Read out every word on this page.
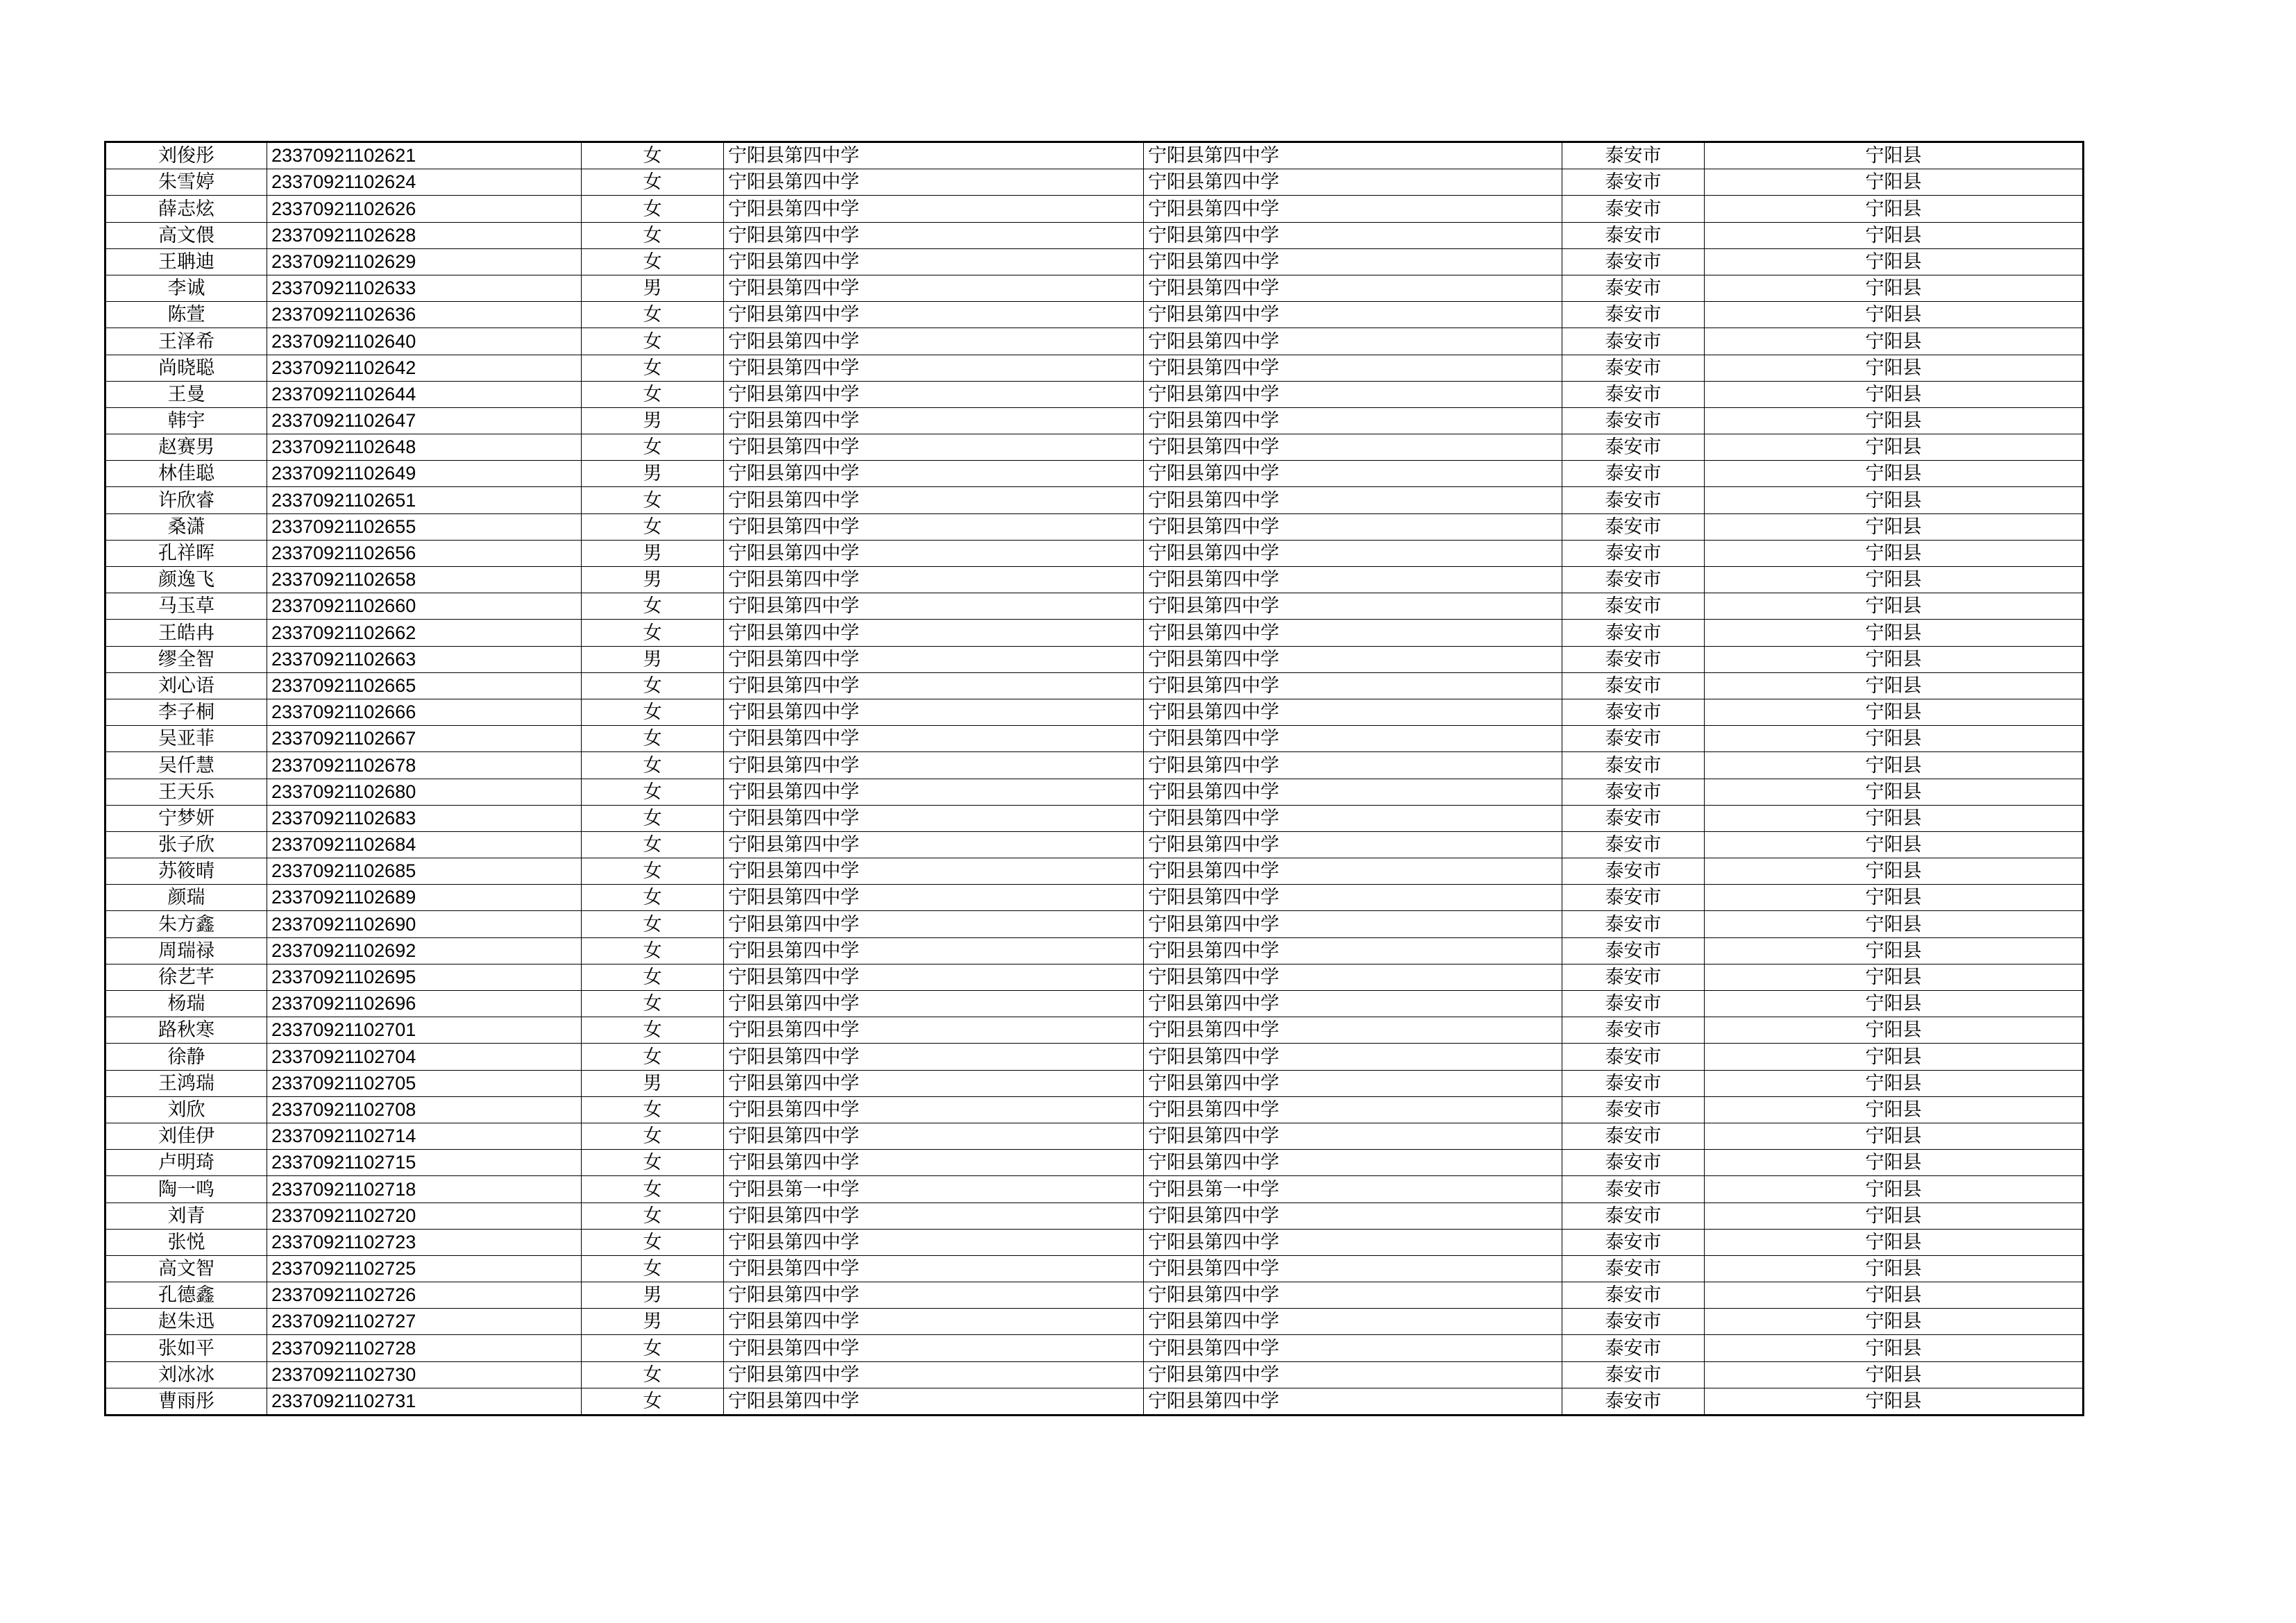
刘俊彤	23370921102621	女	宁阳县第四中学	宁阳县第四中学	泰安市	宁阳县
朱雪婷	23370921102624	女	宁阳县第四中学	宁阳县第四中学	泰安市	宁阳县
薛志炫	23370921102626	女	宁阳县第四中学	宁阳县第四中学	泰安市	宁阳县
高文偎	23370921102628	女	宁阳县第四中学	宁阳县第四中学	泰安市	宁阳县
王聃迪	23370921102629	女	宁阳县第四中学	宁阳县第四中学	泰安市	宁阳县
李诚	23370921102633	男	宁阳县第四中学	宁阳县第四中学	泰安市	宁阳县
陈萱	23370921102636	女	宁阳县第四中学	宁阳县第四中学	泰安市	宁阳县
王泽希	23370921102640	女	宁阳县第四中学	宁阳县第四中学	泰安市	宁阳县
尚晓聪	23370921102642	女	宁阳县第四中学	宁阳县第四中学	泰安市	宁阳县
王曼	23370921102644	女	宁阳县第四中学	宁阳县第四中学	泰安市	宁阳县
韩宇	23370921102647	男	宁阳县第四中学	宁阳县第四中学	泰安市	宁阳县
赵赛男	23370921102648	女	宁阳县第四中学	宁阳县第四中学	泰安市	宁阳县
林佳聪	23370921102649	男	宁阳县第四中学	宁阳县第四中学	泰安市	宁阳县
许欣睿	23370921102651	女	宁阳县第四中学	宁阳县第四中学	泰安市	宁阳县
桑潇	23370921102655	女	宁阳县第四中学	宁阳县第四中学	泰安市	宁阳县
孔祥晖	23370921102656	男	宁阳县第四中学	宁阳县第四中学	泰安市	宁阳县
颜逸飞	23370921102658	男	宁阳县第四中学	宁阳县第四中学	泰安市	宁阳县
马玉草	23370921102660	女	宁阳县第四中学	宁阳县第四中学	泰安市	宁阳县
王皓冉	23370921102662	女	宁阳县第四中学	宁阳县第四中学	泰安市	宁阳县
缪全智	23370921102663	男	宁阳县第四中学	宁阳县第四中学	泰安市	宁阳县
刘心语	23370921102665	女	宁阳县第四中学	宁阳县第四中学	泰安市	宁阳县
李子桐	23370921102666	女	宁阳县第四中学	宁阳县第四中学	泰安市	宁阳县
吴亚菲	23370921102667	女	宁阳县第四中学	宁阳县第四中学	泰安市	宁阳县
吴仟慧	23370921102678	女	宁阳县第四中学	宁阳县第四中学	泰安市	宁阳县
王天乐	23370921102680	女	宁阳县第四中学	宁阳县第四中学	泰安市	宁阳县
宁梦妍	23370921102683	女	宁阳县第四中学	宁阳县第四中学	泰安市	宁阳县
张子欣	23370921102684	女	宁阳县第四中学	宁阳县第四中学	泰安市	宁阳县
苏筱晴	23370921102685	女	宁阳县第四中学	宁阳县第四中学	泰安市	宁阳县
颜瑞	23370921102689	女	宁阳县第四中学	宁阳县第四中学	泰安市	宁阳县
朱方鑫	23370921102690	女	宁阳县第四中学	宁阳县第四中学	泰安市	宁阳县
周瑞禄	23370921102692	女	宁阳县第四中学	宁阳县第四中学	泰安市	宁阳县
徐艺芊	23370921102695	女	宁阳县第四中学	宁阳县第四中学	泰安市	宁阳县
杨瑞	23370921102696	女	宁阳县第四中学	宁阳县第四中学	泰安市	宁阳县
路秋寒	23370921102701	女	宁阳县第四中学	宁阳县第四中学	泰安市	宁阳县
徐静	23370921102704	女	宁阳县第四中学	宁阳县第四中学	泰安市	宁阳县
王鸿瑞	23370921102705	男	宁阳县第四中学	宁阳县第四中学	泰安市	宁阳县
刘欣	23370921102708	女	宁阳县第四中学	宁阳县第四中学	泰安市	宁阳县
刘佳伊	23370921102714	女	宁阳县第四中学	宁阳县第四中学	泰安市	宁阳县
卢明琦	23370921102715	女	宁阳县第四中学	宁阳县第四中学	泰安市	宁阳县
陶一鸣	23370921102718	女	宁阳县第一中学	宁阳县第一中学	泰安市	宁阳县
刘青	23370921102720	女	宁阳县第四中学	宁阳县第四中学	泰安市	宁阳县
张悦	23370921102723	女	宁阳县第四中学	宁阳县第四中学	泰安市	宁阳县
高文智	23370921102725	女	宁阳县第四中学	宁阳县第四中学	泰安市	宁阳县
孔德鑫	23370921102726	男	宁阳县第四中学	宁阳县第四中学	泰安市	宁阳县
赵朱迅	23370921102727	男	宁阳县第四中学	宁阳县第四中学	泰安市	宁阳县
张如平	23370921102728	女	宁阳县第四中学	宁阳县第四中学	泰安市	宁阳县
刘冰冰	23370921102730	女	宁阳县第四中学	宁阳县第四中学	泰安市	宁阳县
曹雨彤	23370921102731	女	宁阳县第四中学	宁阳县第四中学	泰安市	宁阳县
